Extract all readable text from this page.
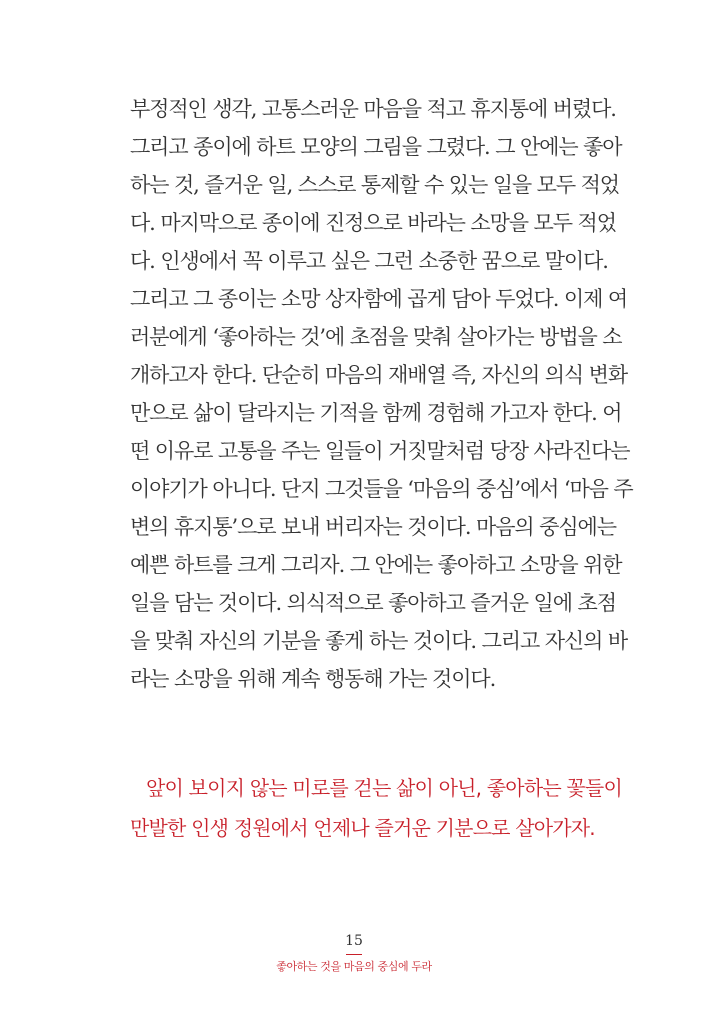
부정적인 생각, 고통스러운 마음을 적고 휴지통에 버렸다.
그리고 종이에 하트 모양의 그림을 그렸다. 그 안에는 좋아
하는 것, 즐거운 일, 스스로 통제할 수 있는 일을 모두 적었
다. 마지막으로 종이에 진정으로 바라는 소망을 모두 적었
다. 인생에서 꼭 이루고 싶은 그런 소중한 꿈으로 말이다.
그리고 그 종이는 소망 상자함에 곱게 담아 두었다. 이제 여
러분에게 ‘좋아하는 것’에 초점을 맞춰 살아가는 방법을 소
개하고자 한다. 단순히 마음의 재배열 즉, 자신의 의식 변화
만으로 삶이 달라지는 기적을 함께 경험해 가고자 한다. 어
떤 이유로 고통을 주는 일들이 거짓말처럼 당장 사라진다는
이야기가 아니다. 단지 그것들을 ‘마음의 중심’에서 ‘마음 주
변의 휴지통’으로 보내 버리자는 것이다. 마음의 중심에는
예쁜 하트를 크게 그리자. 그 안에는 좋아하고 소망을 위한
일을 담는 것이다. 의식적으로 좋아하고 즐거운 일에 초점
을 맞춰 자신의 기분을 좋게 하는 것이다. 그리고 자신의 바
라는 소망을 위해 계속 행동해 가는 것이다.
앞이 보이지 않는 미로를 걷는 삶이 아닌, 좋아하는 꽃들이
만발한 인생 정원에서 언제나 즐거운 기분으로 살아가자.
15
좋아하는 것을 마음의 중심에 두라
